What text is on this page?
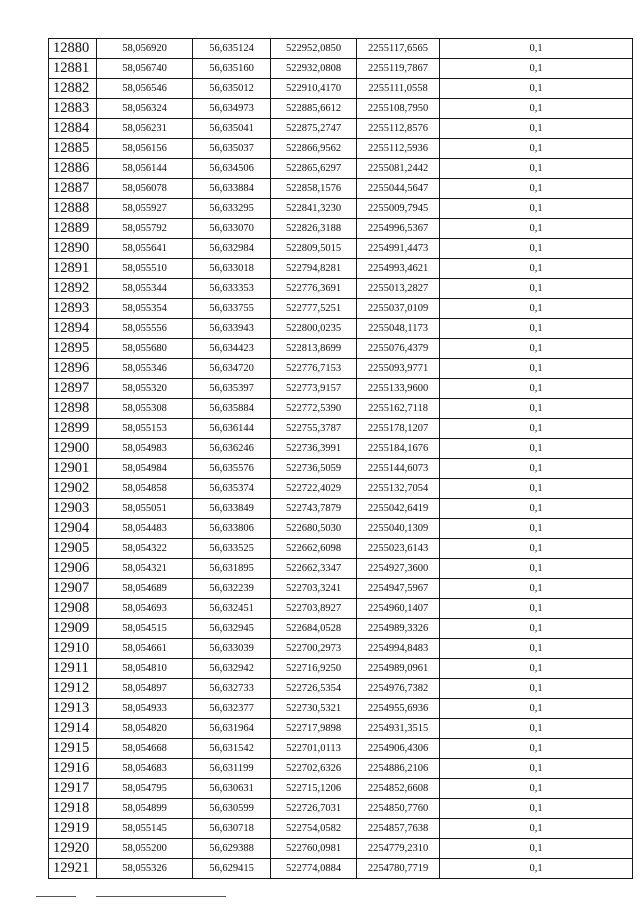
12880	58,056920	56,635124	522952,0850	2255117,6565	0,1
12881	58,056740	56,635160	522932,0808	2255119,7867	0,1
12882	58,056546	56,635012	522910,4170	2255111,0558	0,1
12883	58,056324	56,634973	522885,6612	2255108,7950	0,1
12884	58,056231	56,635041	522875,2747	2255112,8576	0,1
12885	58,056156	56,635037	522866,9562	2255112,5936	0,1
12886	58,056144	56,634506	522865,6297	2255081,2442	0,1
12887	58,056078	56,633884	522858,1576	2255044,5647	0,1
12888	58,055927	56,633295	522841,3230	2255009,7945	0,1
12889	58,055792	56,633070	522826,3188	2254996,5367	0,1
12890	58,055641	56,632984	522809,5015	2254991,4473	0,1
12891	58,055510	56,633018	522794,8281	2254993,4621	0,1
12892	58,055344	56,633353	522776,3691	2255013,2827	0,1
12893	58,055354	56,633755	522777,5251	2255037,0109	0,1
12894	58,055556	56,633943	522800,0235	2255048,1173	0,1
12895	58,055680	56,634423	522813,8699	2255076,4379	0,1
12896	58,055346	56,634720	522776,7153	2255093,9771	0,1
12897	58,055320	56,635397	522773,9157	2255133,9600	0,1
12898	58,055308	56,635884	522772,5390	2255162,7118	0,1
12899	58,055153	56,636144	522755,3787	2255178,1207	0,1
12900	58,054983	56,636246	522736,3991	2255184,1676	0,1
12901	58,054984	56,635576	522736,5059	2255144,6073	0,1
12902	58,054858	56,635374	522722,4029	2255132,7054	0,1
12903	58,055051	56,633849	522743,7879	2255042,6419	0,1
12904	58,054483	56,633806	522680,5030	2255040,1309	0,1
12905	58,054322	56,633525	522662,6098	2255023,6143	0,1
12906	58,054321	56,631895	522662,3347	2254927,3600	0,1
12907	58,054689	56,632239	522703,3241	2254947,5967	0,1
12908	58,054693	56,632451	522703,8927	2254960,1407	0,1
12909	58,054515	56,632945	522684,0528	2254989,3326	0,1
12910	58,054661	56,633039	522700,2973	2254994,8483	0,1
12911	58,054810	56,632942	522716,9250	2254989,0961	0,1
12912	58,054897	56,632733	522726,5354	2254976,7382	0,1
12913	58,054933	56,632377	522730,5321	2254955,6936	0,1
12914	58,054820	56,631964	522717,9898	2254931,3515	0,1
12915	58,054668	56,631542	522701,0113	2254906,4306	0,1
12916	58,054683	56,631199	522702,6326	2254886,2106	0,1
12917	58,054795	56,630631	522715,1206	2254852,6608	0,1
12918	58,054899	56,630599	522726,7031	2254850,7760	0,1
12919	58,055145	56,630718	522754,0582	2254857,7638	0,1
12920	58,055200	56,629388	522760,0981	2254779,2310	0,1
12921	58,055326	56,629415	522774,0884	2254780,7719	0,1
